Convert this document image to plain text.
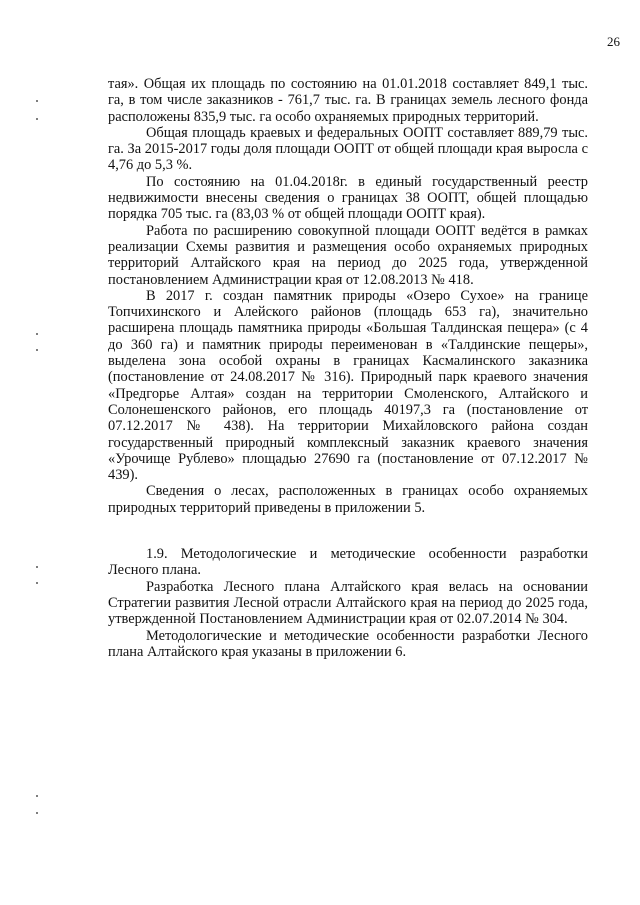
26

тая». Общая их площадь по состоянию на 01.01.2018 составляет 849,1 тыс. га, в том числе заказников - 761,7 тыс. га. В границах земель лесного фонда расположены 835,9 тыс. га особо охраняемых природных территорий.

Общая площадь краевых и федеральных ООПТ составляет 889,79 тыс. га. За 2015-2017 годы доля площади ООПТ от общей площади края выросла с 4,76 до 5,3 %.

По состоянию на 01.04.2018г. в единый государственный реестр недвижимости внесены сведения о границах 38 ООПТ, общей площадью порядка 705 тыс. га (83,03 % от общей площади ООПТ края).

Работа по расширению совокупной площади ООПТ ведётся в рамках реализации Схемы развития и размещения особо охраняемых природных территорий Алтайского края на период до 2025 года, утвержденной постановлением Администрации края от 12.08.2013 № 418.

В 2017 г. создан памятник природы «Озеро Сухое» на границе Топчихинского и Алейского районов (площадь 653 га), значительно расширена площадь памятника природы «Большая Талдинская пещера» (с 4 до 360 га) и памятник природы переименован в «Талдинские пещеры», выделена зона особой охраны в границах Касмалинского заказника (постановление от 24.08.2017 № 316). Природный парк краевого значения «Предгорье Алтая» создан на территории Смоленского, Алтайского и Солонешенского районов, его площадь 40197,3 га (постановление от 07.12.2017 № 438). На территории Михайловского района создан государственный природный комплексный заказник краевого значения «Урочище Рублево» площадью 27690 га (постановление от 07.12.2017 № 439).

Сведения о лесах, расположенных в границах особо охраняемых природных территорий приведены в приложении 5.

1.9. Методологические и методические особенности разработки Лесного плана.

Разработка Лесного плана Алтайского края велась на основании Стратегии развития Лесной отрасли Алтайского края на период до 2025 года, утвержденной Постановлением Администрации края от 02.07.2014 № 304.

Методологические и методические особенности разработки Лесного плана Алтайского края указаны в приложении 6.
